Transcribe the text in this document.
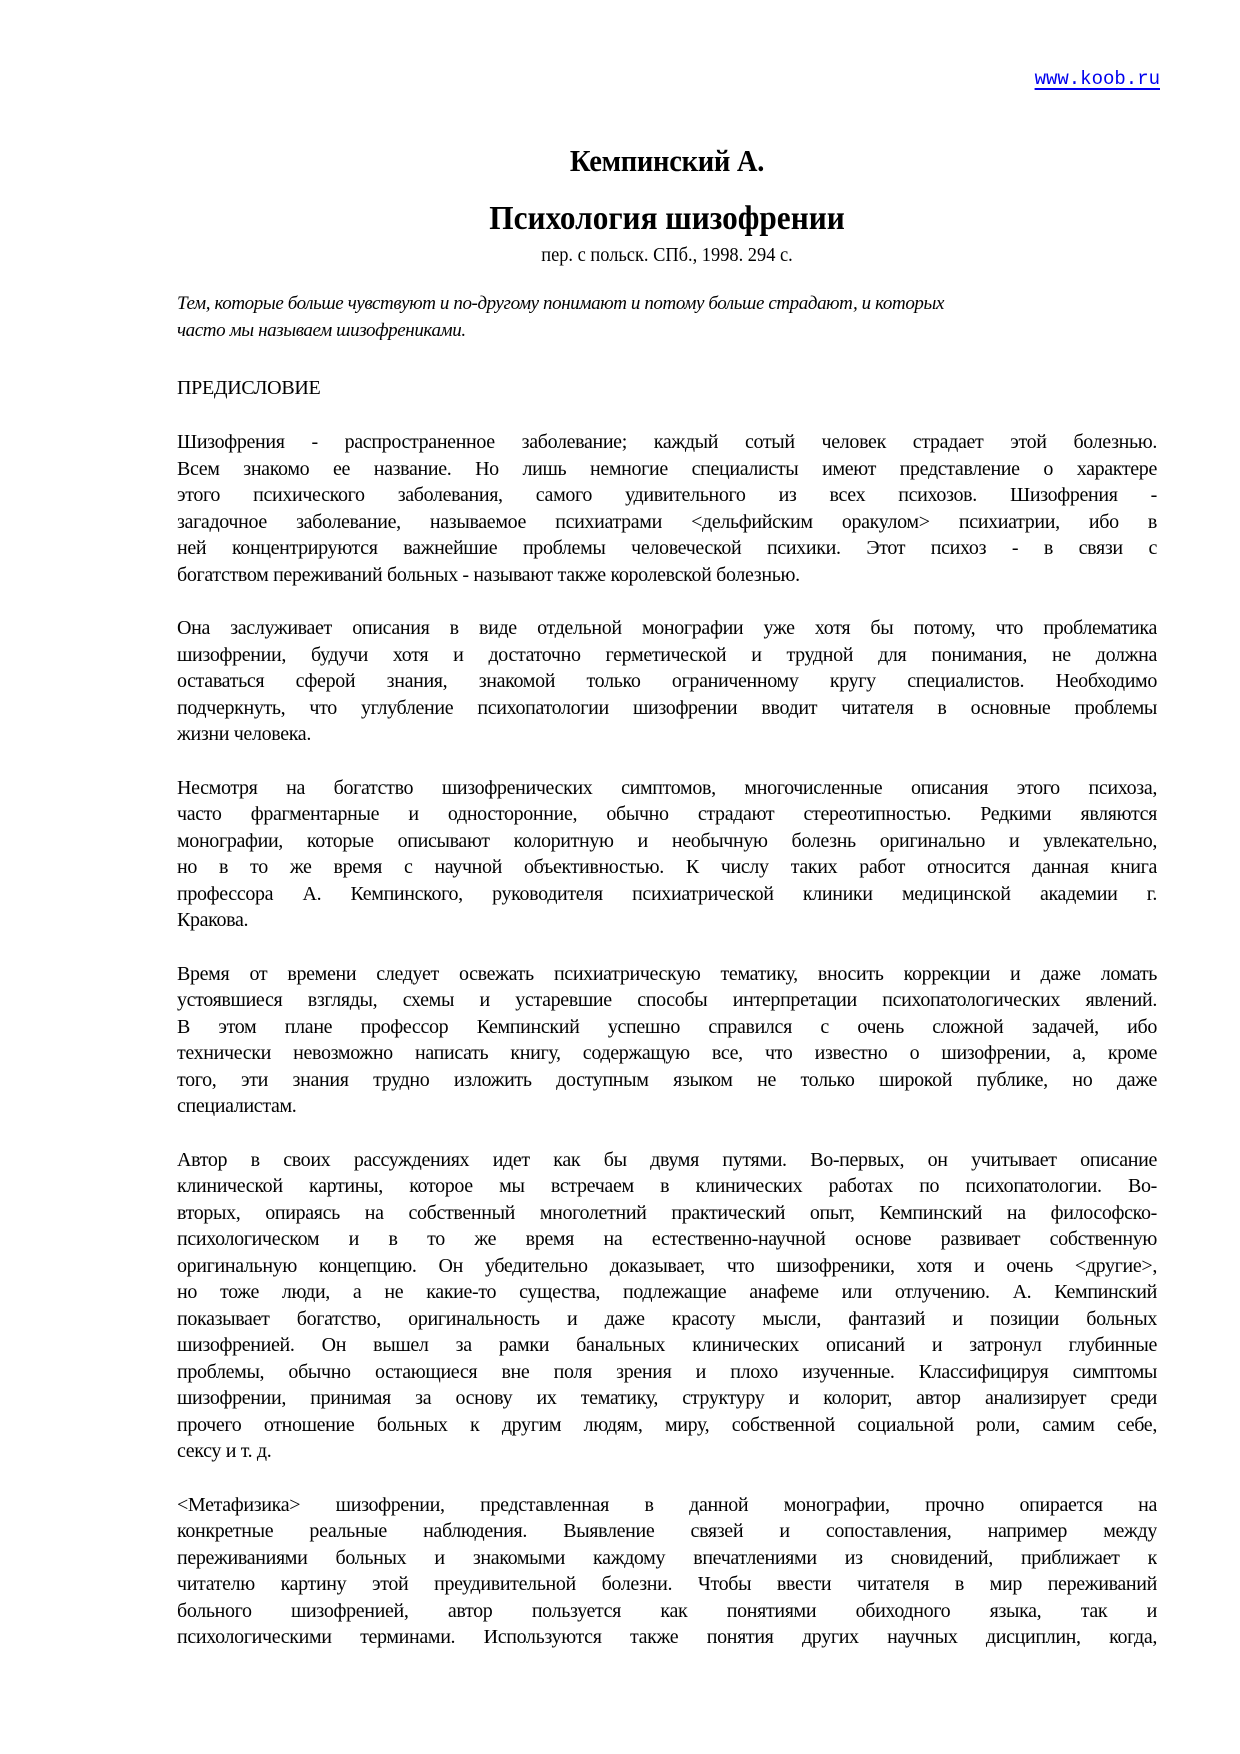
www.koob.ru
Кемпинский А.
Психология шизофрении

пер. с польск. СПб., 1998. 294 с.

Тем, которые больше чувствуют и по-другому понимают и потому больше страдают, и которых
часто мы называем шизофрениками.

ПРЕДИСЛОВИЕ

Шизофрения - распространенное заболевание; каждый сотый человек страдает этой болезнью.
Всем знакомо ее название. Но лишь немногие специалисты имеют представление о характере
этого психического заболевания, самого удивительного из всех психозов. Шизофрения -
загадочное заболевание, называемое психиатрами <дельфийским оракулом> психиатрии, ибо в
ней концентрируются важнейшие проблемы человеческой психики. Этот психоз - в связи с
богатством переживаний больных - называют также королевской болезнью.

Она заслуживает описания в виде отдельной монографии уже хотя бы потому, что проблематика
шизофрении, будучи хотя и достаточно герметической и трудной для понимания, не должна
оставаться сферой знания, знакомой только ограниченному кругу специалистов. Необходимо
подчеркнуть, что углубление психопатологии шизофрении вводит читателя в основные проблемы
жизни человека.

Несмотря на богатство шизофренических симптомов, многочисленные описания этого психоза,
часто фрагментарные и односторонние, обычно страдают стереотипностью. Редкими являются
монографии, которые описывают колоритную и необычную болезнь оригинально и увлекательно,
но в то же время с научной объективностью. К числу таких работ относится данная книга
профессора А. Кемпинского, руководителя психиатрической клиники медицинской академии г.
Кракова.

Время от времени следует освежать психиатрическую тематику, вносить коррекции и даже ломать
устоявшиеся взгляды, схемы и устаревшие способы интерпретации психопатологических явлений.
В этом плане профессор Кемпинский успешно справился с очень сложной задачей, ибо
технически невозможно написать книгу, содержащую все, что известно о шизофрении, а, кроме
того, эти знания трудно изложить доступным языком не только широкой публике, но даже
специалистам.

Автор в своих рассуждениях идет как бы двумя путями. Во-первых, он учитывает описание
клинической картины, которое мы встречаем в клинических работах по психопатологии. Во-
вторых, опираясь на собственный многолетний практический опыт, Кемпинский на философско-
психологическом и в то же время на естественно-научной основе развивает собственную
оригинальную концепцию. Он убедительно доказывает, что шизофреники, хотя и очень <другие>,
но тоже люди, а не какие-то существа, подлежащие анафеме или отлучению. А. Кемпинский
показывает богатство, оригинальность и даже красоту мысли, фантазий и позиции больных
шизофренией. Он вышел за рамки банальных клинических описаний и затронул глубинные
проблемы, обычно остающиеся вне поля зрения и плохо изученные. Классифицируя симптомы
шизофрении, принимая за основу их тематику, структуру и колорит, автор анализирует среди
прочего отношение больных к другим людям, миру, собственной социальной роли, самим себе,
сексу и т. д.

<Метафизика> шизофрении, представленная в данной монографии, прочно опирается на
конкретные реальные наблюдения. Выявление связей и сопоставления, например между
переживаниями больных и знакомыми каждому впечатлениями из сновидений, приближает к
читателю картину этой преудивительной болезни. Чтобы ввести читателя в мир переживаний
больного шизофренией, автор пользуется как понятиями обиходного языка, так и
психологическими терминами. Используются также понятия других научных дисциплин, когда,
